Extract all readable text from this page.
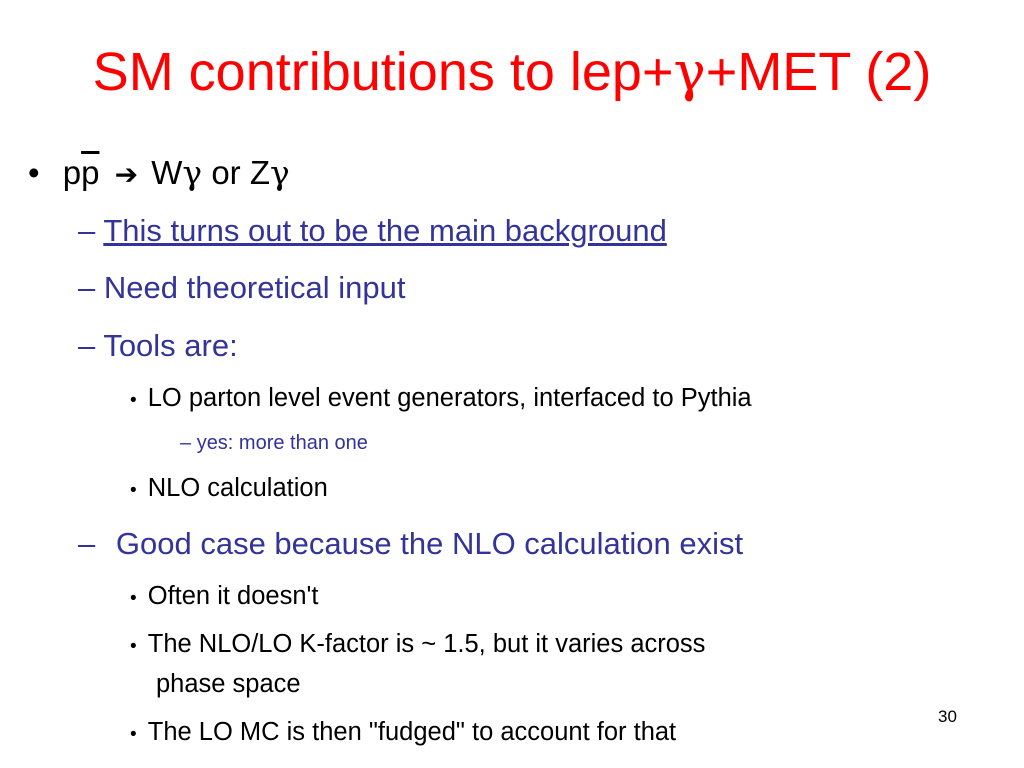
SM contributions to lep+γ+MET (2)
• $p\overline{p}$ ➔ Wγ or Zγ
– This turns out to be the main background
– Need theoretical input
– Tools are:
• LO parton level event generators, interfaced to Pythia
– yes: more than one
• NLO calculation
– Good case because the NLO calculation exist
• Often it doesn't
• The NLO/LO K-factor is ~ 1.5, but it varies across
phase space
• The LO MC is then "fudged" to account for that
30
